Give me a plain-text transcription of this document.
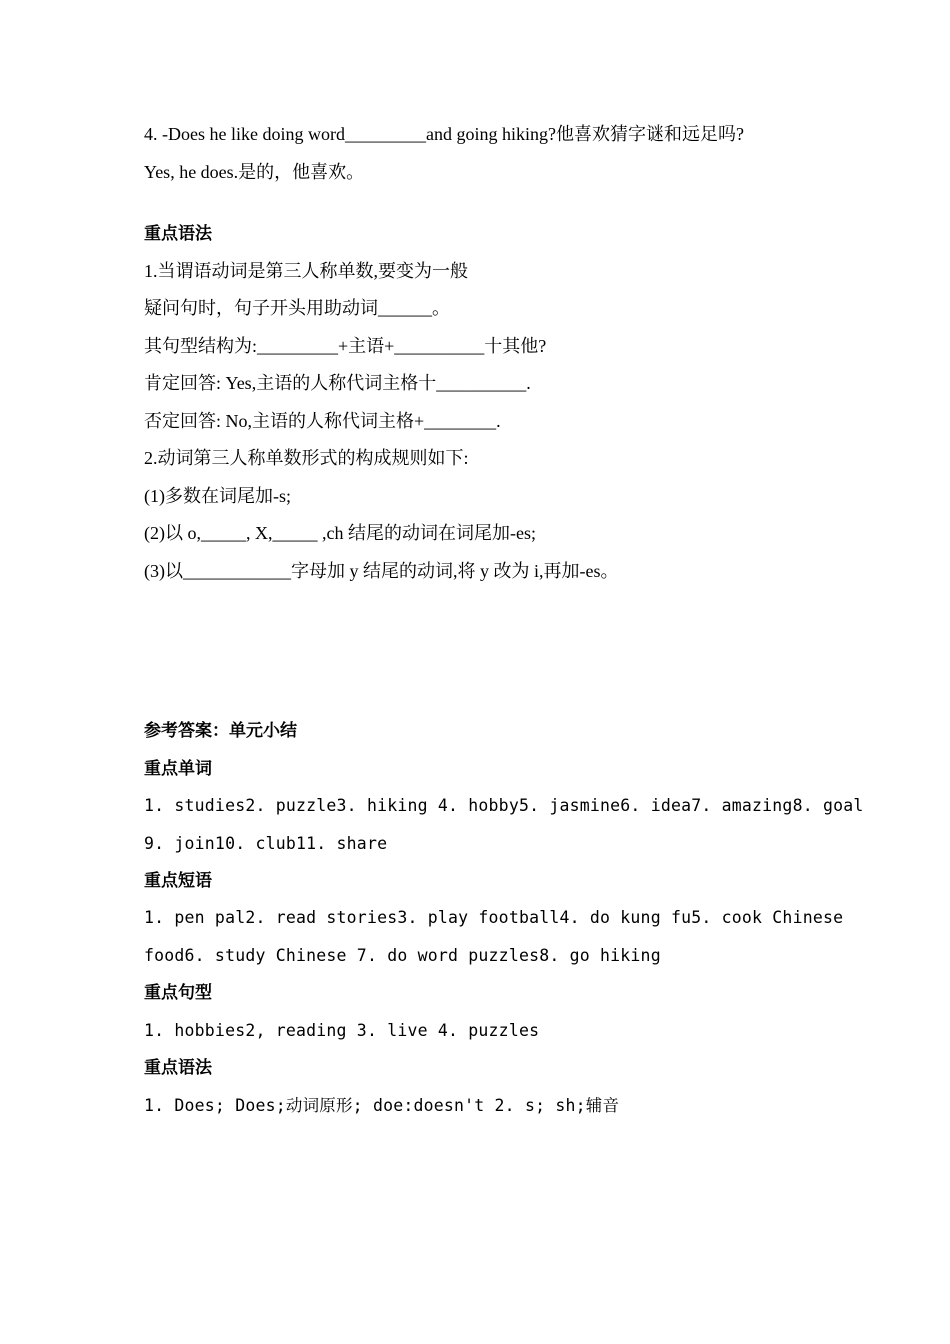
4. -Does he like doing word_________and going hiking?他喜欢猜字谜和远足吗?
Yes, he does.是的，他喜欢。
重点语法
1.当谓语动词是第三人称单数,要变为一般
疑问句时，句子开头用助动词______。
其句型结构为:_________+主语+__________十其他?
肯定回答: Yes,主语的人称代词主格十__________.
否定回答: No,主语的人称代词主格+________.
2.动词第三人称单数形式的构成规则如下:
(1)多数在词尾加-s;
(2)以 o,_____, X,_____ ,ch 结尾的动词在词尾加-es;
(3)以____________字母加 y 结尾的动词,将 y 改为 i,再加-es。
参考答案：单元小结
重点单词
1. studies2. puzzle3. hiking 4. hobby5. jasmine6. idea7. amazing8. goal
9. join10. club11. share
重点短语
1. pen pal2. read stories3. play football4. do kung fu5. cook Chinese
food6. study Chinese 7. do word puzzles8. go hiking
重点句型
1. hobbies2, reading 3. live 4. puzzles
重点语法
1. Does; Does;动词原形; doe:doesn't 2. s; sh;辅音
